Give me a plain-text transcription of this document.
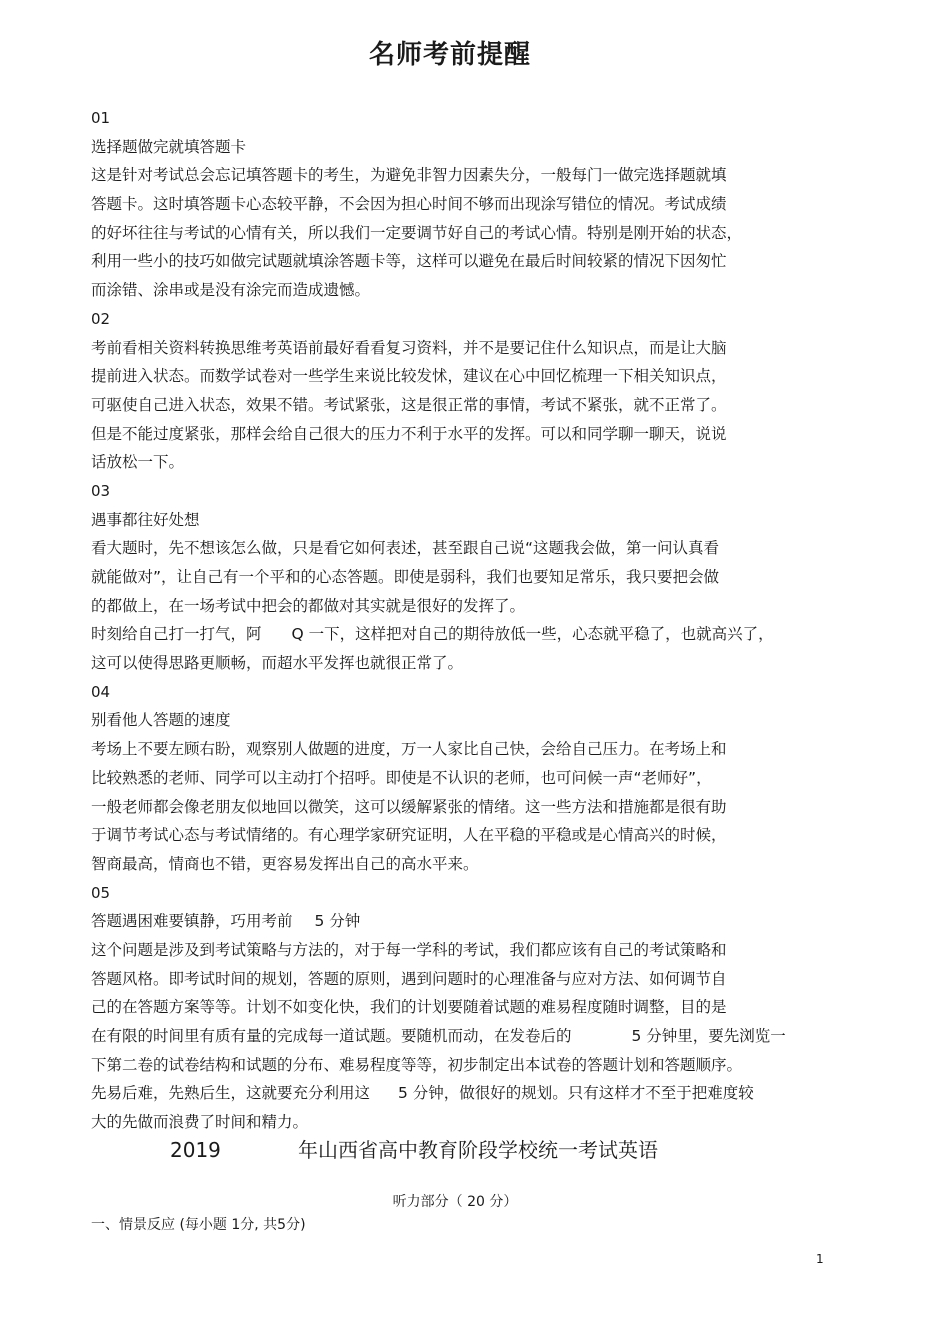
名师考前提醒
01
选择题做完就填答题卡
这是针对考试总会忘记填答题卡的考生，为避免非智力因素失分，一般每门一做完选择题就填
答题卡。这时填答题卡心态较平静，不会因为担心时间不够而出现涂写错位的情况。考试成绩
的好坏往往与考试的心情有关，所以我们一定要调节好自己的考试心情。特别是刚开始的状态，
利用一些小的技巧如做完试题就填涂答题卡等，这样可以避免在最后时间较紧的情况下因匆忙
而涂错、涂串或是没有涂完而造成遗憾。
02
考前看相关资料转换思维考英语前最好看看复习资料，并不是要记住什么知识点，而是让大脑
提前进入状态。而数学试卷对一些学生来说比较发怵，建议在心中回忆梳理一下相关知识点，
可驱使自己进入状态，效果不错。考试紧张，这是很正常的事情，考试不紧张，就不正常了。
但是不能过度紧张，那样会给自己很大的压力不利于水平的发挥。可以和同学聊一聊天，说说
话放松一下。
03
遇事都往好处想
看大题时，先不想该怎么做，只是看它如何表述，甚至跟自己说“这题我会做，第一问认真看
就能做对”，让自己有一个平和的心态答题。即使是弱科，我们也要知足常乐，我只要把会做
的都做上，在一场考试中把会的都做对其实就是很好的发挥了。
时刻给自己打一打气，阿 Q 一下，这样把对自己的期待放低一些，心态就平稳了，也就高兴了，
这可以使得思路更顺畅，而超水平发挥也就很正常了。
04
别看他人答题的速度
考场上不要左顾右盼，观察别人做题的进度，万一人家比自己快，会给自己压力。在考场上和
比较熟悉的老师、同学可以主动打个招呼。即使是不认识的老师，也可问候一声“老师好”，
一般老师都会像老朋友似地回以微笑，这可以缓解紧张的情绪。这一些方法和措施都是很有助
于调节考试心态与考试情绪的。有心理学家研究证明，人在平稳的平稳或是心情高兴的时候，
智商最高，情商也不错，更容易发挥出自己的高水平来。
05
答题遇困难要镇静，巧用考前 5 分钟
这个问题是涉及到考试策略与方法的，对于每一学科的考试，我们都应该有自己的考试策略和
答题风格。即考试时间的规划，答题的原则，遇到问题时的心理准备与应对方法、如何调节自
己的在答题方案等等。计划不如变化快，我们的计划要随着试题的难易程度随时调整，目的是
在有限的时间里有质有量的完成每一道试题。要随机而动，在发卷后的	5 分钟里，要先浏览一
下第二卷的试卷结构和试题的分布、难易程度等等，初步制定出本试卷的答题计划和答题顺序。
先易后难，先熟后生，这就要充分利用这 5 分钟，做很好的规划。只有这样才不至于把难度较
大的先做而浪费了时间和精力。
2019	年山西省高中教育阶段学校统一考试英语
听力部分（ 20 分）
一、情景反应 (每小题 1分, 共5分)
1
